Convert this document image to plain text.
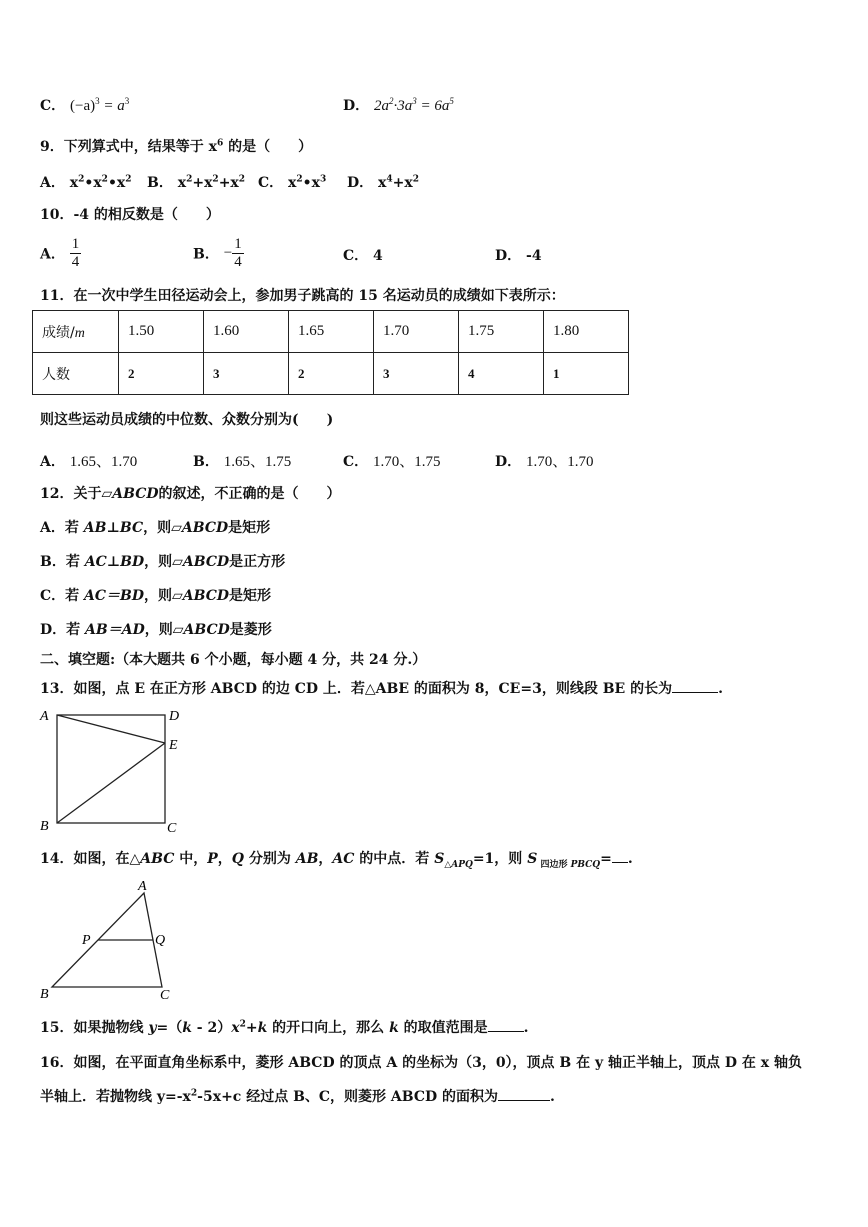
C． $(-a)^3 = a^3$	D． $2a^2\cdot 3a^3 = 6a^5$
9．下列算式中，结果等于 $x^6$ 的是（　　）
A． $x^2•x^2•x^2$ B． $x^2+x^2+x^2$ C． $x^2•x^3$ D． $x^4+x^2$
10．-4 的相反数是（　　）
A． $\frac{1}{4}$	B． − $\frac{1}{4}$	C． 4	D． -4
11．在一次中学生田径运动会上，参加男子跳高的 15 名运动员的成绩如下表所示：
成绩/m	1.50	1.60	1.65	1.70	1.75	1.80
人数	2	3	2	3	4	1
则这些运动员成绩的中位数、众数分别为(　　)
A． 1.65、1.70	B． 1.65、1.75	C． 1.70、1.75	D． 1.70、1.70
12．关于▱ABCD的叙述，不正确的是（　　）
A．若 AB⊥BC，则▱ABCD是矩形
B．若 AC⊥BD，则▱ABCD是正方形
C．若 AC＝BD，则▱ABCD是矩形
D．若 AB＝AD，则▱ABCD是菱形
二、填空题:（本大题共 6 个小题，每小题 4 分，共 24 分.）
13．如图，点 E 在正方形 ABCD 的边 CD 上．若△ABE 的面积为 8，CE=3，则线段 BE 的长为	.
A	D
E
B	C
14．如图，在△ABC 中，P，Q 分别为 AB，AC 的中点．若 $S_{\triangle APQ}=1$，则 S $_{四边形 PBCQ}$= .
A
P	Q
B	C
15．如果抛物线 $y=(k - 2)x^2+k$ 的开口向上，那么 k 的取值范围是	.
16．如图，在平面直角坐标系中，菱形 ABCD 的顶点 A 的坐标为（3，0），顶点 B 在 y 轴正半轴上，顶点 D 在 x 轴负
半轴上．若抛物线 $y=-x^2-5x+c$ 经过点 B、C，则菱形 ABCD 的面积为	.
